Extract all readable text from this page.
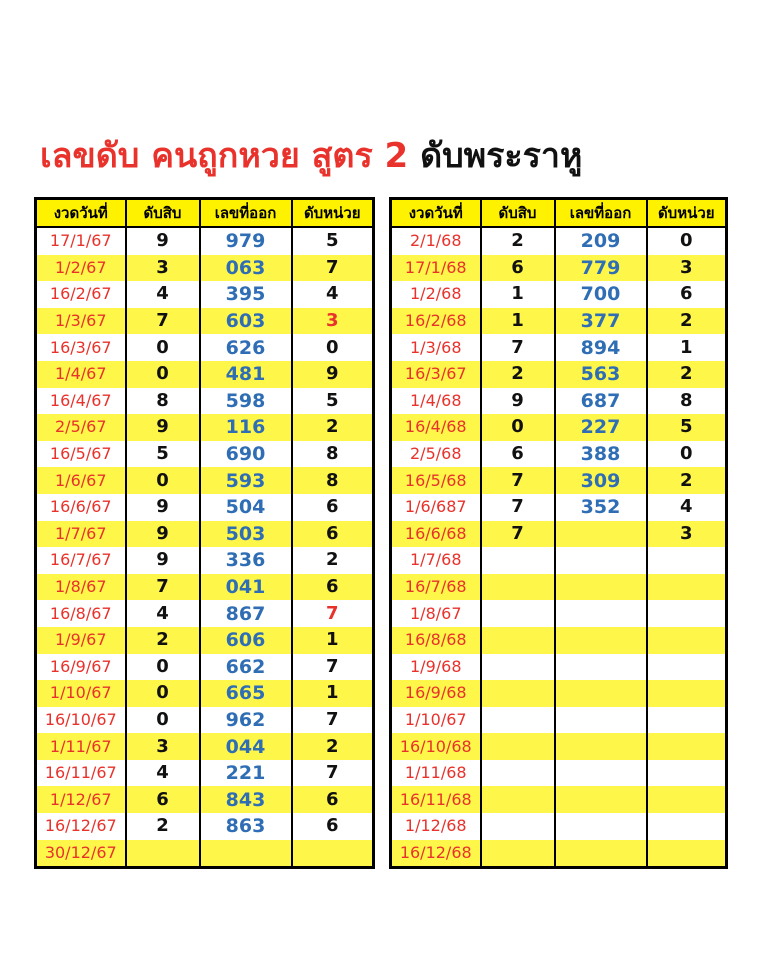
เลขดับ คนถูกหวย สูตร 2 ดับพระราหู
งวดวันที่	ดับสิบ	เลขที่ออก	ดับหน่วย
17/1/67	9	979	5
1/2/67	3	063	7
16/2/67	4	395	4
1/3/67	7	603	3
16/3/67	0	626	0
1/4/67	0	481	9
16/4/67	8	598	5
2/5/67	9	116	2
16/5/67	5	690	8
1/6/67	0	593	8
16/6/67	9	504	6
1/7/67	9	503	6
16/7/67	9	336	2
1/8/67	7	041	6
16/8/67	4	867	7
1/9/67	2	606	1
16/9/67	0	662	7
1/10/67	0	665	1
16/10/67	0	962	7
1/11/67	3	044	2
16/11/67	4	221	7
1/12/67	6	843	6
16/12/67	2	863	6
30/12/67			
งวดวันที่	ดับสิบ	เลขที่ออก	ดับหน่วย
2/1/68	2	209	0
17/1/68	6	779	3
1/2/68	1	700	6
16/2/68	1	377	2
1/3/68	7	894	1
16/3/67	2	563	2
1/4/68	9	687	8
16/4/68	0	227	5
2/5/68	6	388	0
16/5/68	7	309	2
1/6/687	7	352	4
16/6/68	7		3
1/7/68			
16/7/68			
1/8/67			
16/8/68			
1/9/68			
16/9/68			
1/10/67			
16/10/68			
1/11/68			
16/11/68			
1/12/68			
16/12/68			
